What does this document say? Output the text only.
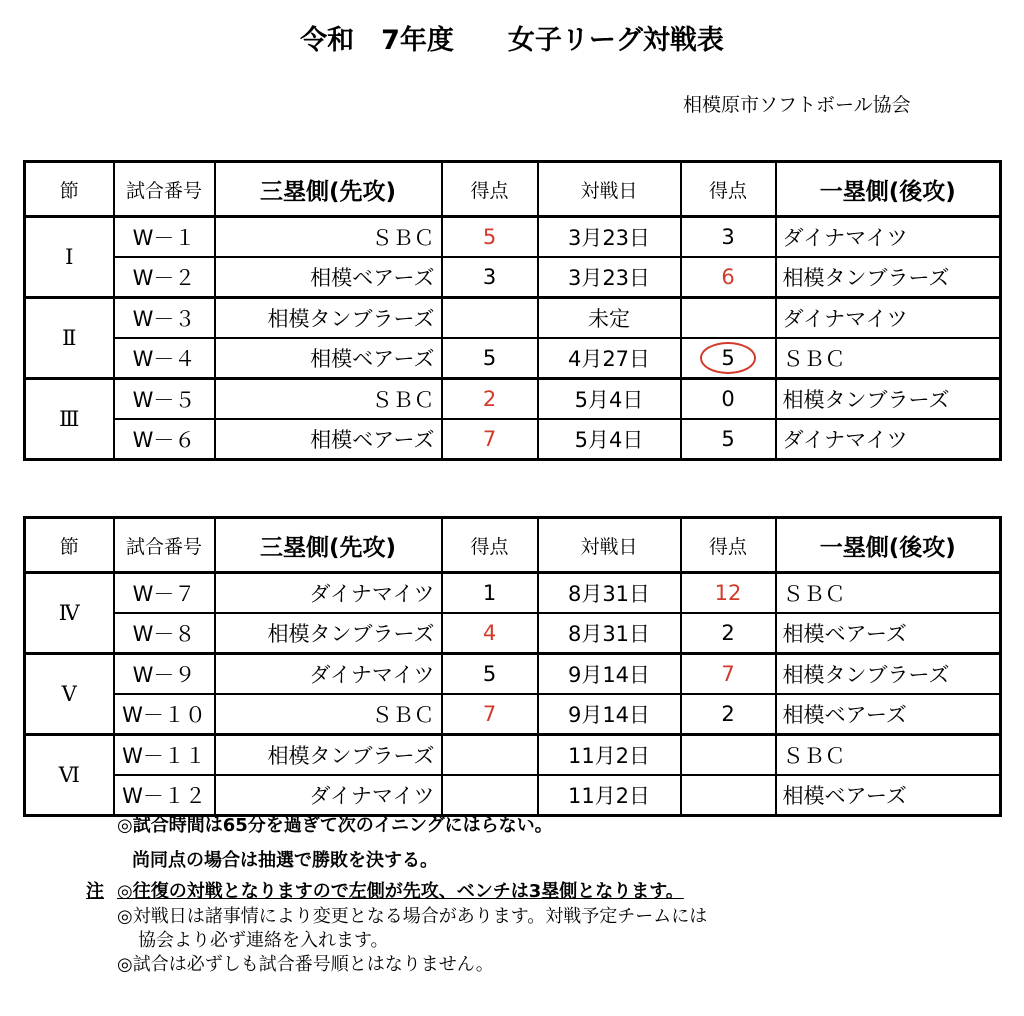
令和　7年度　　女子リーグ対戦表
相模原市ソフトボール協会
節	試合番号	三塁側(先攻)	得点	対戦日	得点	一塁側(後攻)
Ⅰ	W－１	ＳＢＣ	5	3月23日	3	ダイナマイツ
	W－２	相模ベアーズ	3	3月23日	6	相模タンブラーズ
Ⅱ	W－３	相模タンブラーズ		未定		ダイナマイツ
	W－４	相模ベアーズ	5	4月27日	5	ＳＢＣ
Ⅲ	W－５	ＳＢＣ	2	5月4日	0	相模タンブラーズ
	W－６	相模ベアーズ	7	5月4日	5	ダイナマイツ
節	試合番号	三塁側(先攻)	得点	対戦日	得点	一塁側(後攻)
Ⅳ	W－７	ダイナマイツ	1	8月31日	12	ＳＢＣ
	W－８	相模タンブラーズ	4	8月31日	2	相模ベアーズ
Ⅴ	W－９	ダイナマイツ	5	9月14日	7	相模タンブラーズ
	W－１０	ＳＢＣ	7	9月14日	2	相模ベアーズ
Ⅵ	W－１１	相模タンブラーズ		11月2日		ＳＢＣ
	W－１２	ダイナマイツ		11月2日		相模ベアーズ
◎試合時間は65分を過ぎて次のイニングにはらない。
尚同点の場合は抽選で勝敗を決する。
注 ◎往復の対戦となりますので左側が先攻、ベンチは3塁側となります。
◎対戦日は諸事情により変更となる場合があります。対戦予定チームには
協会より必ず連絡を入れます。
◎試合は必ずしも試合番号順とはなりません。
